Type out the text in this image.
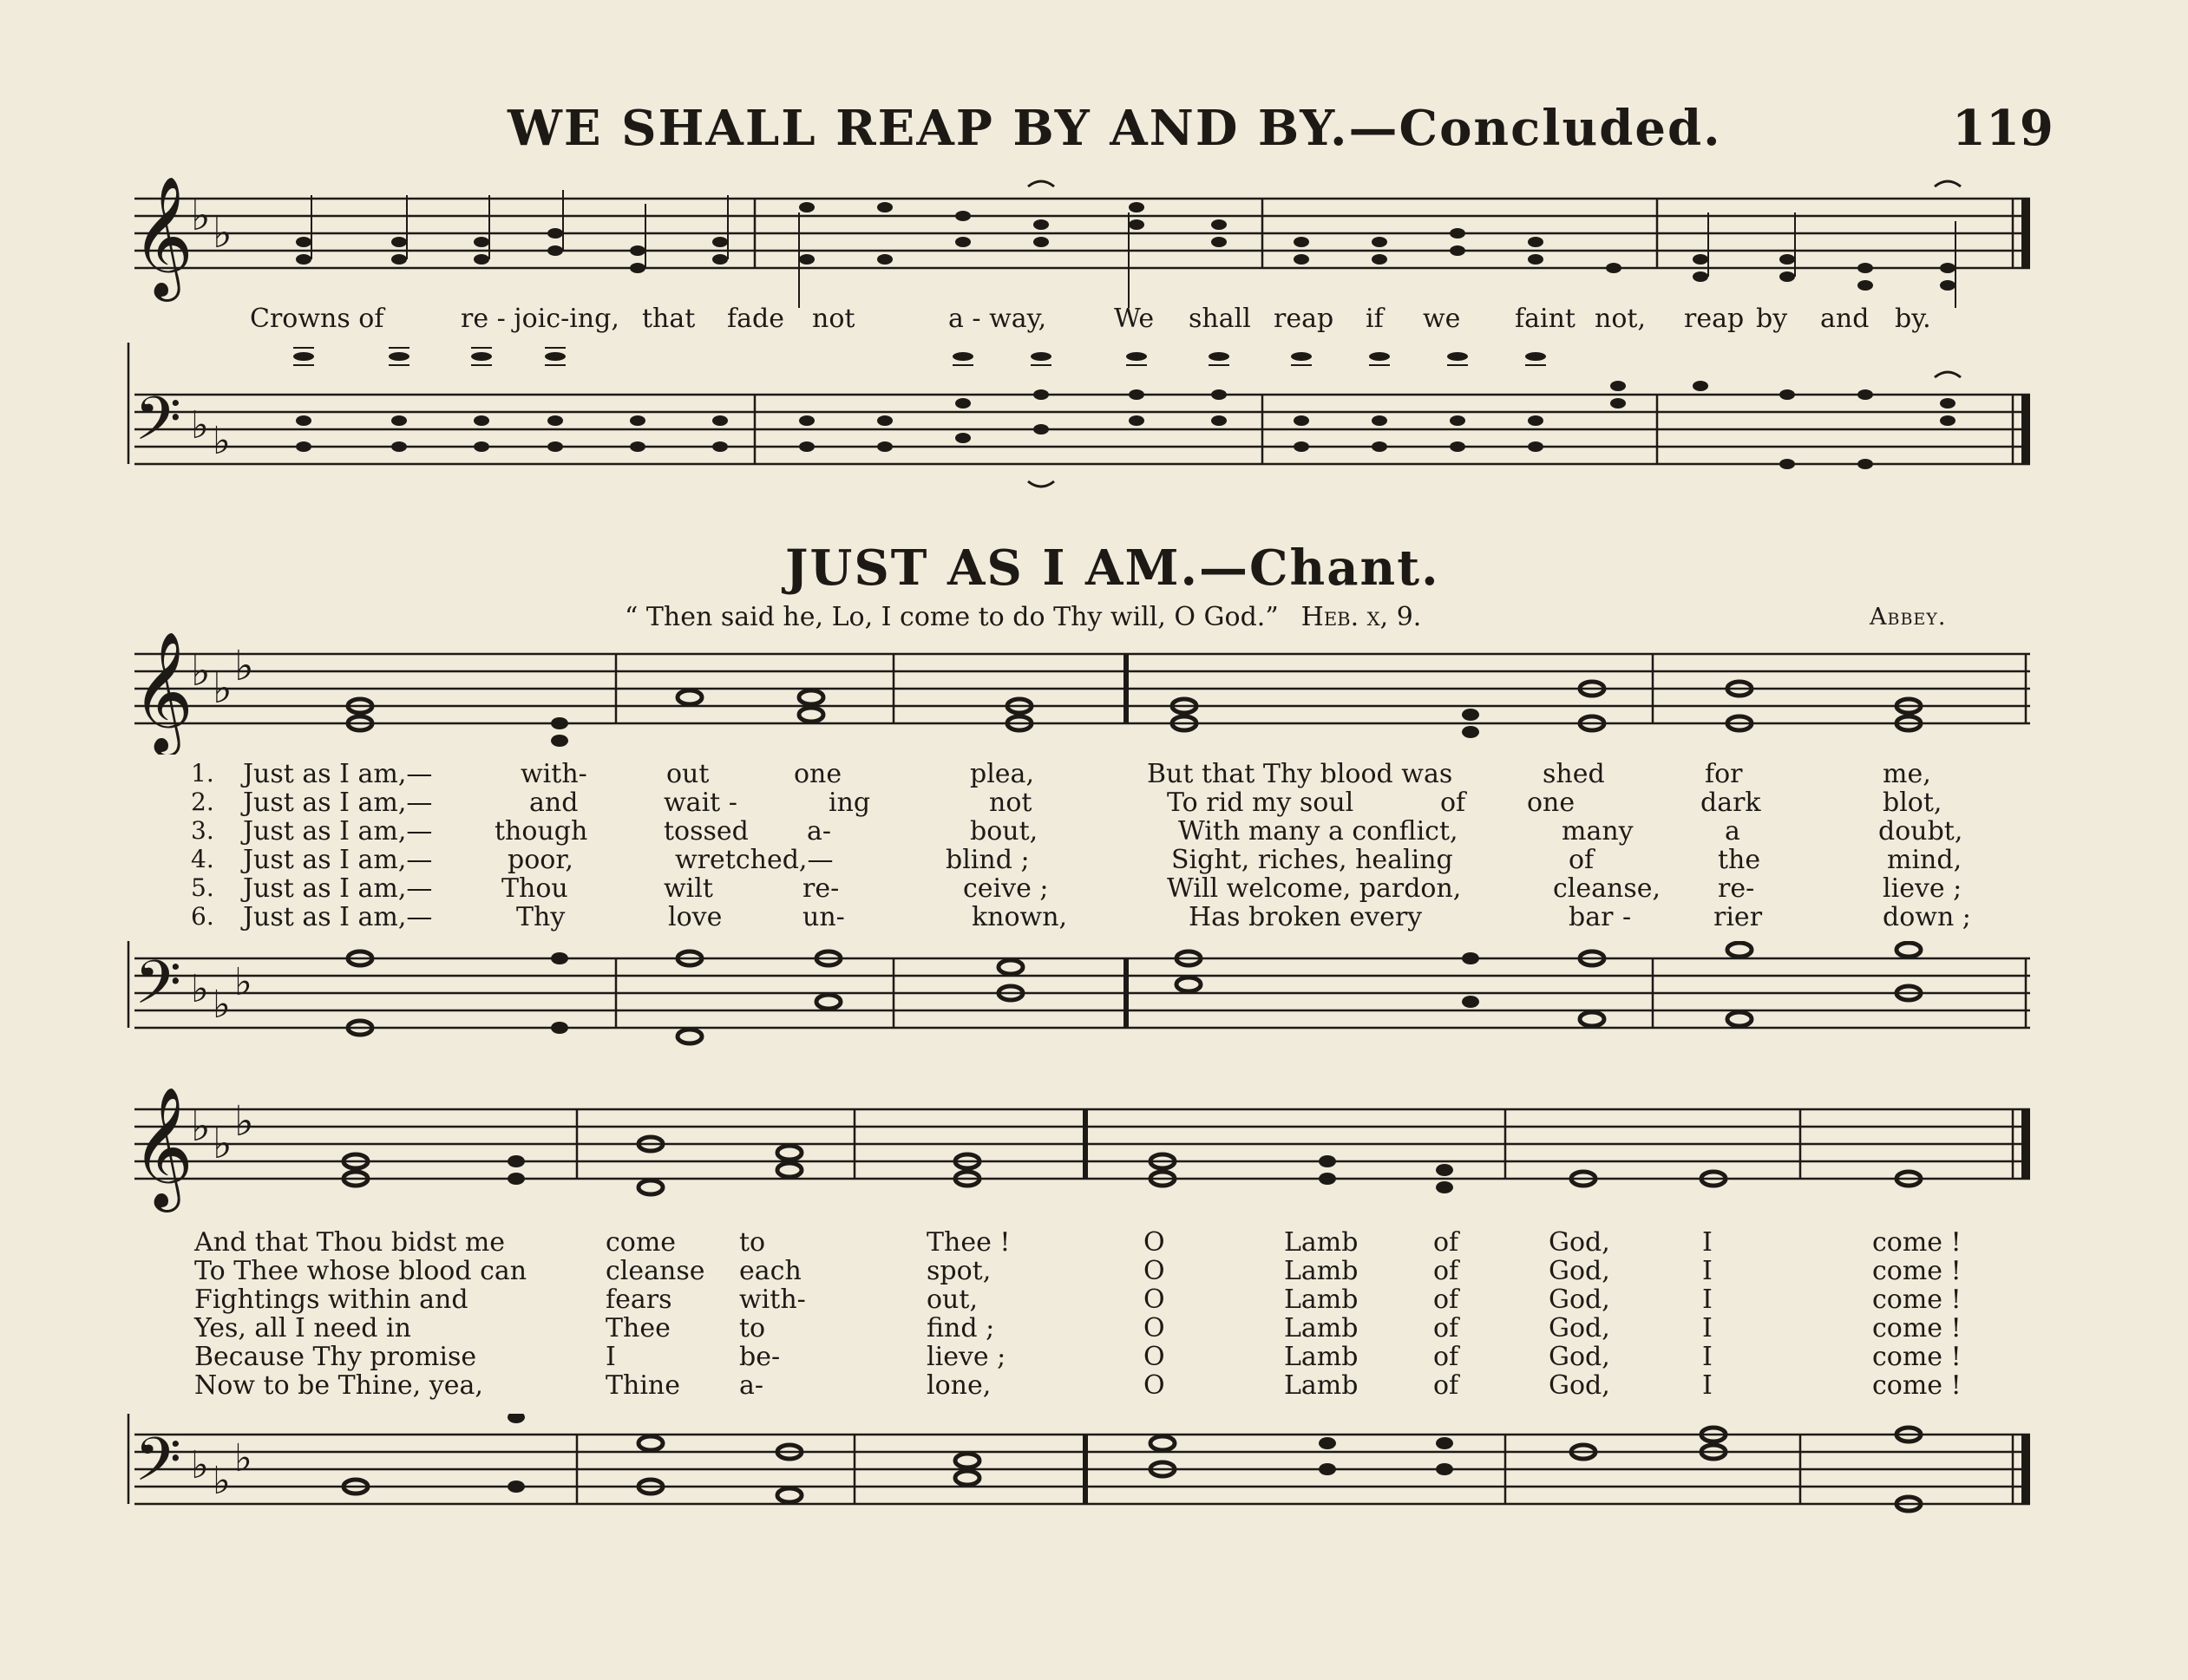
WE SHALL REAP BY AND BY.—Concluded.	119
𝄞
♭ ♭
Crowns of	re - joic-ing, that fade not	a - way,	We shall reap if we faint not, reap by and by.
𝄢 ♭ ♭
JUST AS I AM.—Chant.
“ Then said he, Lo, I come to do Thy will, O God.” Heb. x, 9.	Abbey.
𝄞
♭ ♭ ♭
1. Just as I am,—	with-	out	one	plea,	But that Thy blood was	shed	for	me,
2. Just as I am,—	and	wait -	ing	not	To rid my soul	of one	dark	blot,
3. Just as I am,— though	tossed a-	bout,	With many a conflict,	many	a	doubt,
4. Just as I am,—	poor,	wretched,—	blind ;	Sight, riches, healing	of	the	mind,
5. Just as I am,—	Thou	wilt	re-	ceive ;	Will welcome, pardon,	cleanse, re-	lieve ;
6. Just as I am,—	Thy	love	un-	known,	Has broken every	bar -	rier	down ;
𝄢 ♭ ♭
♭
𝄞
♭ ♭ ♭
And that Thou bidst me	come to	Thee !	O	Lamb	of	God,	I	come !
To Thee whose blood can	cleanse each	spot,	O	Lamb	of	God,	I	come !
Fightings within and	fears	with-	out,	O	Lamb	of	God,	I	come !
Yes, all I need in	Thee	to	find ;	O	Lamb	of	God,	I	come !
Because Thy promise	I	be-	lieve ;	O	Lamb	of	God,	I	come !
Now to be Thine, yea,	Thine a-	lone,	O	Lamb	of	God,	I	come !
𝄢 ♭ ♭
♭
